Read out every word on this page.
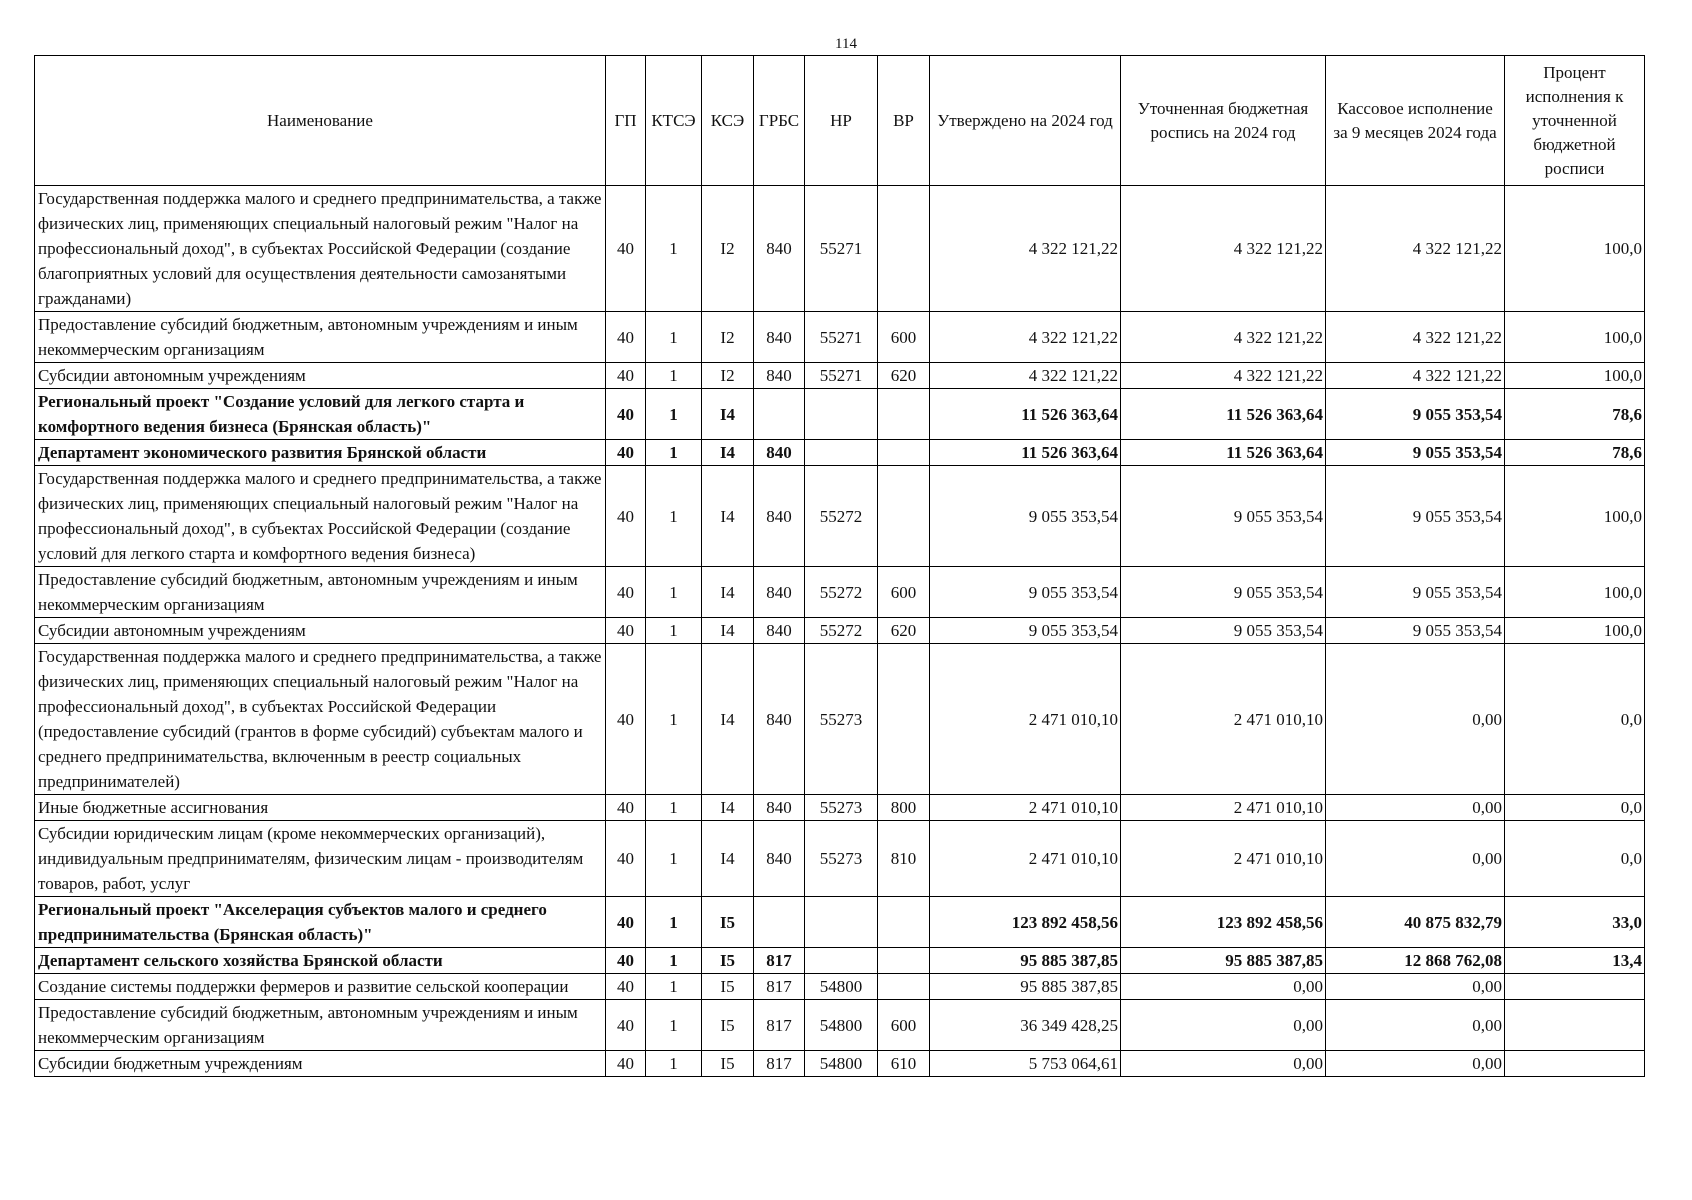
114
Наименование	ГП	КТСЭ	КСЭ	ГРБС	НР	ВР	Утверждено на 2024 год	Уточненная бюджетная роспись на 2024 год	Кассовое исполнение за 9 месяцев 2024 года	Процент исполнения к уточненной бюджетной росписи
Государственная поддержка малого и среднего предпринимательства, а также физических лиц, применяющих специальный налоговый режим "Налог на профессиональный доход", в субъектах Российской Федерации (создание благоприятных условий для осуществления деятельности самозанятыми гражданами)	40	1	I2	840	55271		4 322 121,22	4 322 121,22	4 322 121,22	100,0
Предоставление субсидий бюджетным, автономным учреждениям и иным некоммерческим организациям	40	1	I2	840	55271	600	4 322 121,22	4 322 121,22	4 322 121,22	100,0
Субсидии автономным учреждениям	40	1	I2	840	55271	620	4 322 121,22	4 322 121,22	4 322 121,22	100,0
Региональный проект "Создание условий для легкого старта и комфортного ведения бизнеса (Брянская область)"	40	1	I4				11 526 363,64	11 526 363,64	9 055 353,54	78,6
Департамент экономического развития Брянской области	40	1	I4	840			11 526 363,64	11 526 363,64	9 055 353,54	78,6
Государственная поддержка малого и среднего предпринимательства, а также физических лиц, применяющих специальный налоговый режим "Налог на профессиональный доход", в субъектах Российской Федерации (создание условий для легкого старта и комфортного ведения бизнеса)	40	1	I4	840	55272		9 055 353,54	9 055 353,54	9 055 353,54	100,0
Предоставление субсидий бюджетным, автономным учреждениям и иным некоммерческим организациям	40	1	I4	840	55272	600	9 055 353,54	9 055 353,54	9 055 353,54	100,0
Субсидии автономным учреждениям	40	1	I4	840	55272	620	9 055 353,54	9 055 353,54	9 055 353,54	100,0
Государственная поддержка малого и среднего предпринимательства, а также физических лиц, применяющих специальный налоговый режим "Налог на профессиональный доход", в субъектах Российской Федерации (предоставление субсидий (грантов в форме субсидий) субъектам малого и среднего предпринимательства, включенным в реестр социальных предпринимателей)	40	1	I4	840	55273		2 471 010,10	2 471 010,10	0,00	0,0
Иные бюджетные ассигнования	40	1	I4	840	55273	800	2 471 010,10	2 471 010,10	0,00	0,0
Субсидии юридическим лицам (кроме некоммерческих организаций), индивидуальным предпринимателям, физическим лицам - производителям товаров, работ, услуг	40	1	I4	840	55273	810	2 471 010,10	2 471 010,10	0,00	0,0
Региональный проект "Акселерация субъектов малого и среднего предпринимательства (Брянская область)"	40	1	I5				123 892 458,56	123 892 458,56	40 875 832,79	33,0
Департамент сельского хозяйства Брянской области	40	1	I5	817			95 885 387,85	95 885 387,85	12 868 762,08	13,4
Создание системы поддержки фермеров и развитие сельской кооперации	40	1	I5	817	54800		95 885 387,85	0,00	0,00	
Предоставление субсидий бюджетным, автономным учреждениям и иным некоммерческим организациям	40	1	I5	817	54800	600	36 349 428,25	0,00	0,00	
Субсидии бюджетным учреждениям	40	1	I5	817	54800	610	5 753 064,61	0,00	0,00	
